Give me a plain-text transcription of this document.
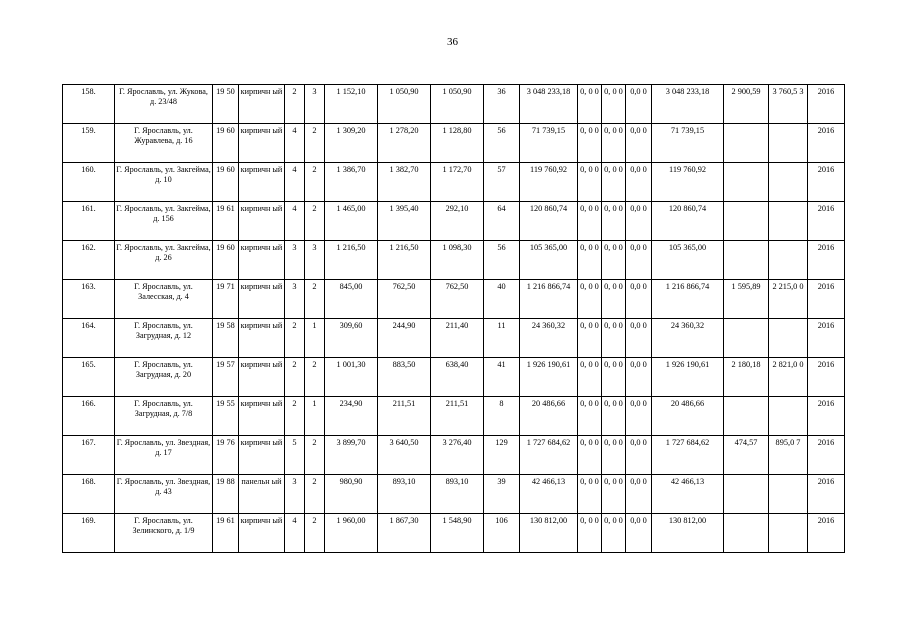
36
158.	Г. Ярославль, ул. Жукова, д. 23/48	19 50	кирпичн ый	2	3	1 152,10	1 050,90	1 050,90	36	3 048 233,18	0, 0 0	0, 0 0	0,0 0	3 048 233,18	2 900,59	3 760,5 3	2016
159.	Г. Ярославль, ул. Журавлева, д. 16	19 60	кирпичн ый	4	2	1 309,20	1 278,20	1 128,80	56	71 739,15	0, 0 0	0, 0 0	0,0 0	71 739,15			2016
160.	Г. Ярославль, ул. Закгеймa, д. 10	19 60	кирпичн ый	4	2	1 386,70	1 382,70	1 172,70	57	119 760,92	0, 0 0	0, 0 0	0,0 0	119 760,92			2016
161.	Г. Ярославль, ул. Закгейма, д. 156	19 61	кирпичн ый	4	2	1 465,00	1 395,40	292,10	64	120 860,74	0, 0 0	0, 0 0	0,0 0	120 860,74			2016
162.	Г. Ярославль, ул. Закгейма, д. 26	19 60	кирпичн ый	3	3	1 216,50	1 216,50	1 098,30	56	105 365,00	0, 0 0	0, 0 0	0,0 0	105 365,00			2016
163.	Г. Ярославль, ул. Залесская, д. 4	19 71	кирпичн ый	3	2	845,00	762,50	762,50	40	1 216 866,74	0, 0 0	0, 0 0	0,0 0	1 216 866,74	1 595,89	2 215,0 0	2016
164.	Г. Ярославль, ул. Загрудная, д. 12	19 58	кирпичн ый	2	1	309,60	244,90	211,40	11	24 360,32	0, 0 0	0, 0 0	0,0 0	24 360,32			2016
165.	Г. Ярославль, ул. Загрудная, д. 20	19 57	кирпичн ый	2	2	1 001,30	883,50	638,40	41	1 926 190,61	0, 0 0	0, 0 0	0,0 0	1 926 190,61	2 180,18	2 821,0 0	2016
166.	Г. Ярославль, ул. Загрудная, д. 7/8	19 55	кирпичн ый	2	1	234,90	211,51	211,51	8	20 486,66	0, 0 0	0, 0 0	0,0 0	20 486,66			2016
167.	Г. Ярославль, ул. Звездная, д. 17	19 76	кирпичн ый	5	2	3 899,70	3 640,50	3 276,40	129	1 727 684,62	0, 0 0	0, 0 0	0,0 0	1 727 684,62	474,57	895,0 7	2016
168.	Г. Ярославль, ул. Звездная, д. 43	19 88	панельн ый	3	2	980,90	893,10	893,10	39	42 466,13	0, 0 0	0, 0 0	0,0 0	42 466,13			2016
169.	Г. Ярославль, ул. Зелинского, д. 1/9	19 61	кирпичн ый	4	2	1 960,00	1 867,30	1 548,90	106	130 812,00	0, 0 0	0, 0 0	0,0 0	130 812,00			2016
